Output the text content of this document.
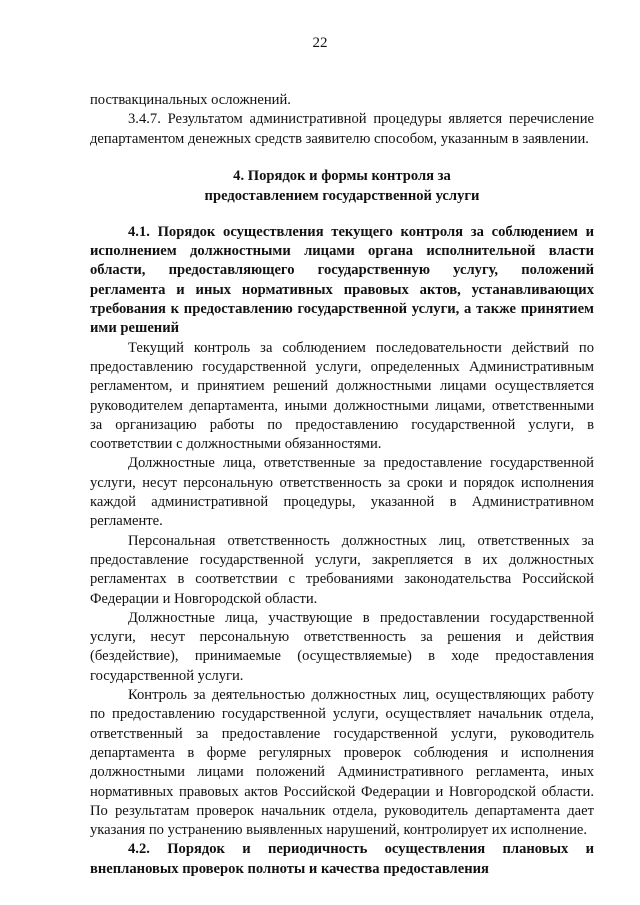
22

поствакцинальных осложнений.

3.4.7. Результатом административной процедуры является перечисление департаментом денежных средств заявителю способом, указанным в заявлении.

4. Порядок и формы контроля за
предоставлением государственной услуги

4.1. Порядок осуществления текущего контроля за соблюдением и исполнением должностными лицами органа исполнительной власти области, предоставляющего государственную услугу, положений регламента и иных нормативных правовых актов, устанавливающих требования к предоставлению государственной услуги, а также принятием ими решений

Текущий контроль за соблюдением последовательности действий по предоставлению государственной услуги, определенных Административным регламентом, и принятием решений должностными лицами осуществляется руководителем департамента, иными должностными лицами, ответственными за организацию работы по предоставлению государственной услуги, в соответствии с должностными обязанностями.

Должностные лица, ответственные за предоставление государственной услуги, несут персональную ответственность за сроки и порядок исполнения каждой административной процедуры, указанной в Административном регламенте.

Персональная ответственность должностных лиц, ответственных за предоставление государственной услуги, закрепляется в их должностных регламентах в соответствии с требованиями законодательства Российской Федерации и Новгородской области.

Должностные лица, участвующие в предоставлении государственной услуги, несут персональную ответственность за решения и действия (бездействие), принимаемые (осуществляемые) в ходе предоставления государственной услуги.

Контроль за деятельностью должностных лиц, осуществляющих работу по предоставлению государственной услуги, осуществляет начальник отдела, ответственный за предоставление государственной услуги, руководитель департамента в форме регулярных проверок соблюдения и исполнения должностными лицами положений Административного регламента, иных нормативных правовых актов Российской Федерации и Новгородской области. По результатам проверок начальник отдела, руководитель департамента дает указания по устранению выявленных нарушений, контролирует их исполнение.

4.2. Порядок и периодичность осуществления плановых и внеплановых проверок полноты и качества предоставления
